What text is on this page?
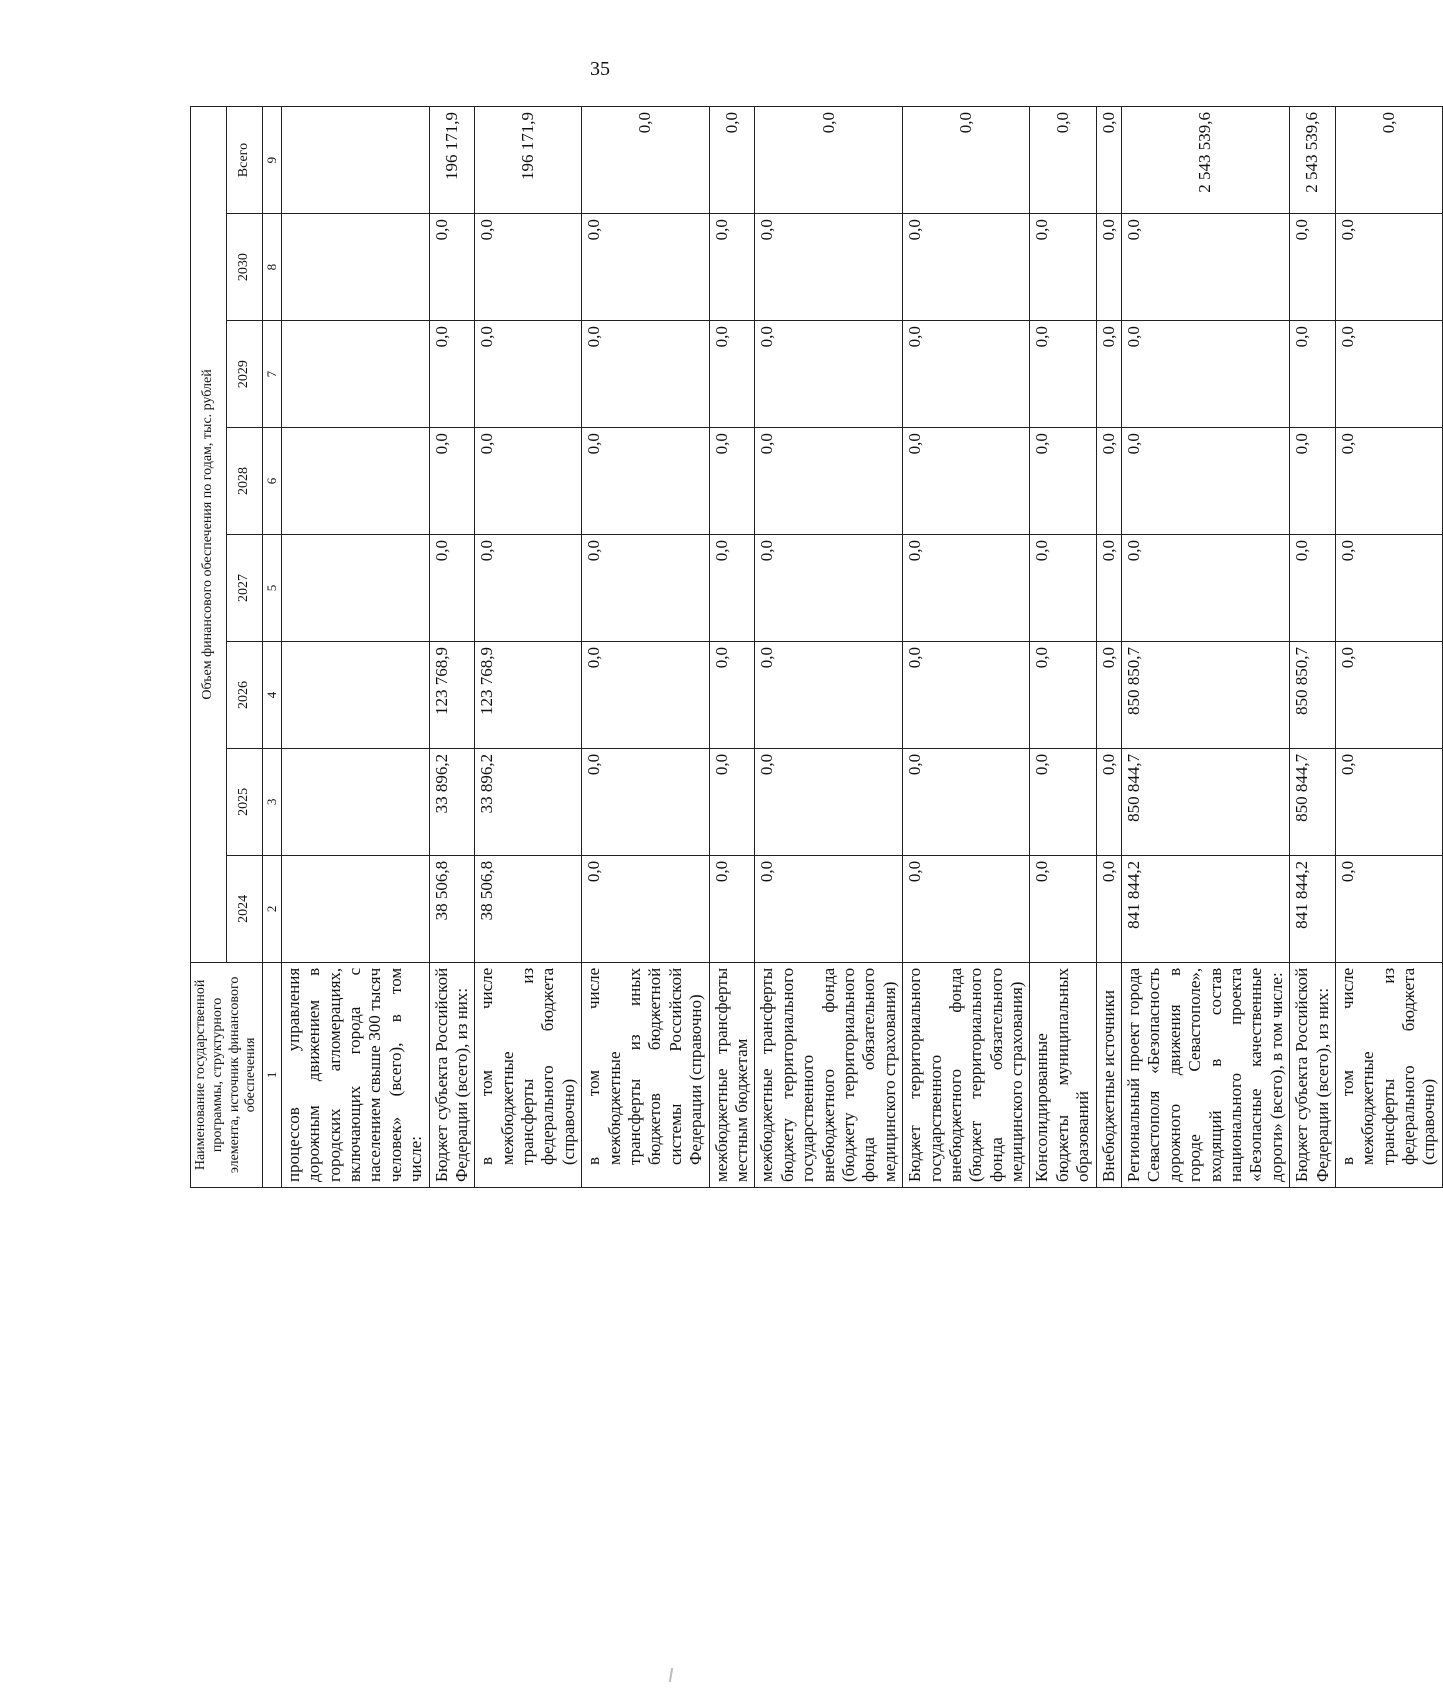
35
Наименование государственной программы, структурного элемента, источник финансового обеспечения	Объем финансового обеспечения по годам, тыс. рублей							
	2024	2025	2026	2027	2028	2029	2030	Всего
1	2	3	4	5	6	7	8	9
процессов управления дорожным движением в городских агломерациях, включающих города с населением свыше 300 тысяч человек» (всего), в том числе:								
Бюджет субъекта Российской Федерации (всего), из них:	38 506,8	33 896,2	123 768,9	0,0	0,0	0,0	0,0	196 171,9
в том числе межбюджетные трансферты из федерального бюджета (справочно)	38 506,8	33 896,2	123 768,9	0,0	0,0	0,0	0,0	196 171,9
в том числе межбюджетные трансферты из иных бюджетов бюджетной системы Российской Федерации (справочно)	0,0	0,0	0,0	0,0	0,0	0,0	0,0	0,0
межбюджетные трансферты местным бюджетам	0,0	0,0	0,0	0,0	0,0	0,0	0,0	0,0
межбюджетные трансферты бюджету территориального государственного внебюджетного фонда (бюджету территориального фонда обязательного медицинского страхования)	0,0	0,0	0,0	0,0	0,0	0,0	0,0	0,0
Бюджет территориального государственного внебюджетного фонда (бюджет территориального фонда обязательного медицинского страхования)	0,0	0,0	0,0	0,0	0,0	0,0	0,0	0,0
Консолидированные бюджеты муниципальных образований	0,0	0,0	0,0	0,0	0,0	0,0	0,0	0,0
Внебюджетные источники	0,0	0,0	0,0	0,0	0,0	0,0	0,0	0,0
Региональный проект города Севастополя «Безопасность дорожного движения в городе Севастополе», входящий в состав национального проекта «Безопасные качественные дороги» (всего), в том числе:	841 844,2	850 844,7	850 850,7	0,0	0,0	0,0	0,0	2 543 539,6
Бюджет субъекта Российской Федерации (всего), из них:	841 844,2	850 844,7	850 850,7	0,0	0,0	0,0	0,0	2 543 539,6
в том числе межбюджетные трансферты из федерального бюджета (справочно)	0,0	0,0	0,0	0,0	0,0	0,0	0,0	0,0
